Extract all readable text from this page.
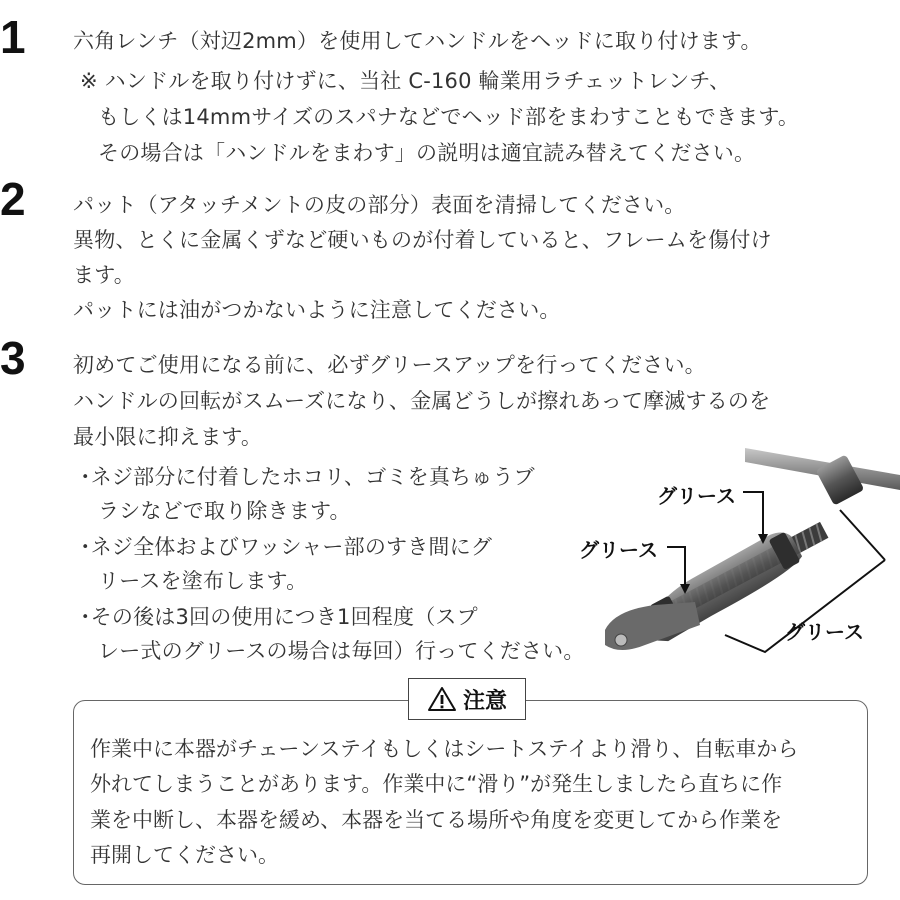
1 六角レンチ（対辺2mm）を使用してハンドルをヘッドに取り付けます。
※ ハンドルを取り付けずに、当社 C-160 輪業用ラチェットレンチ、
もしくは14mmサイズのスパナなどでヘッド部をまわすこともできます。
その場合は「ハンドルをまわす」の説明は適宜読み替えてください。
2 パット（アタッチメントの皮の部分）表面を清掃してください。
異物、とくに金属くずなど硬いものが付着していると、フレームを傷付け
ます。
パットには油がつかないように注意してください。
3 初めてご使用になる前に、必ずグリースアップを行ってください。
ハンドルの回転がスムーズになり、金属どうしが擦れあって摩滅するのを
最小限に抑えます。
･ネジ部分に付着したホコリ、ゴミを真ちゅうブ
ラシなどで取り除きます。
･ネジ全体およびワッシャー部のすき間にグ
リースを塗布します。
･その後は3回の使用につき1回程度（スプ
レー式のグリースの場合は毎回）行ってください。
グリース
グリース
グリース
注意
作業中に本器がチェーンステイもしくはシートステイより滑り、自転車から
外れてしまうことがあります。作業中に“滑り”が発生しましたら直ちに作
業を中断し、本器を緩め、本器を当てる場所や角度を変更してから作業を
再開してください。
